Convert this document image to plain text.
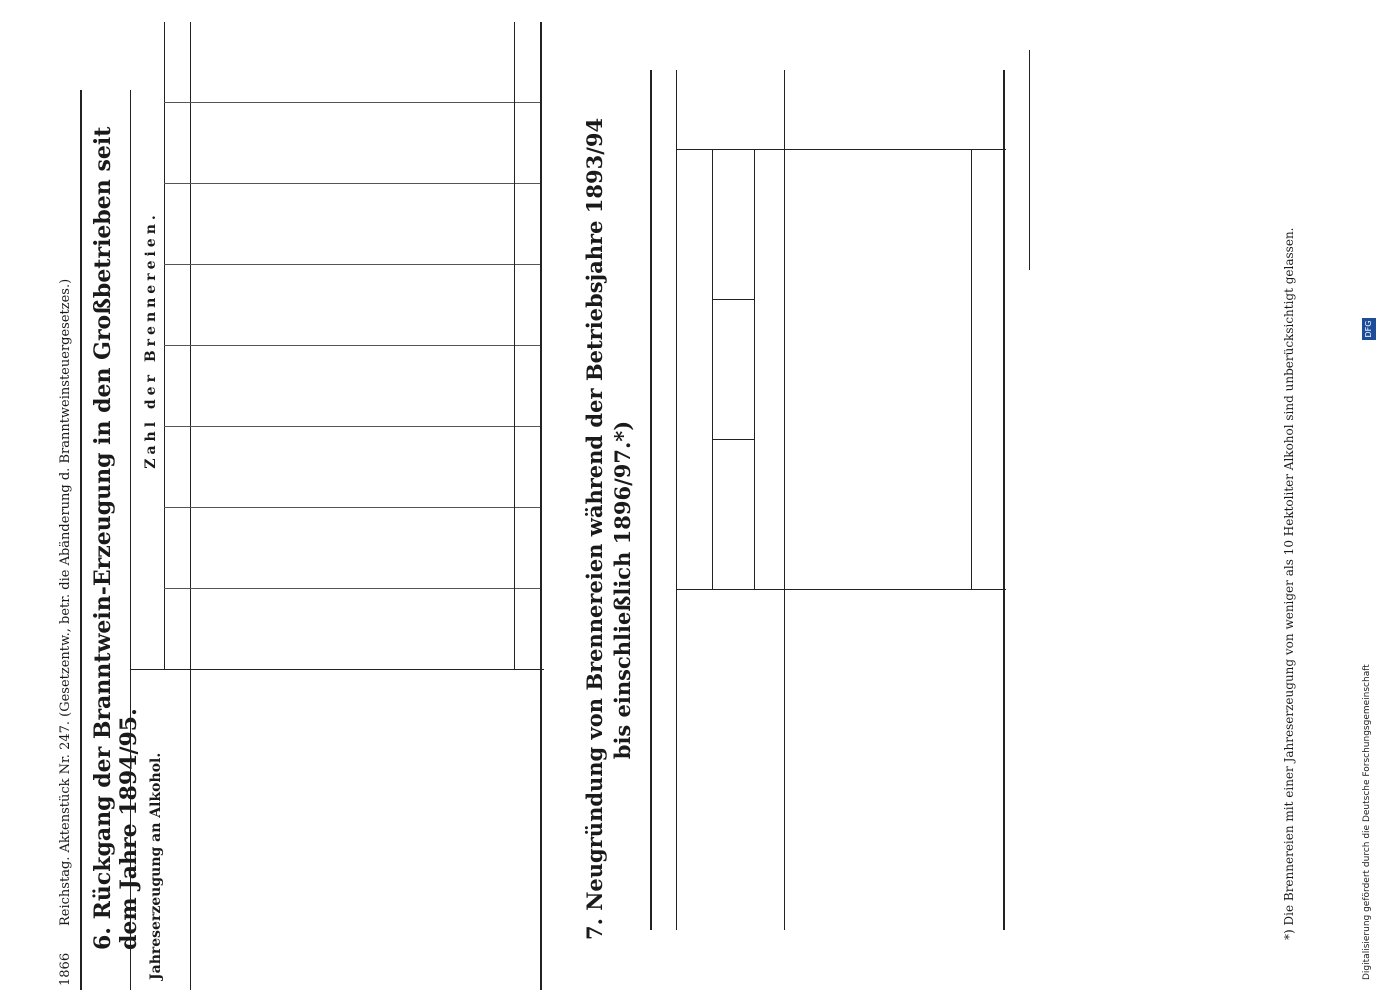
1866
Reichstag. Aktenstück Nr. 247. (Gesetzentw., betr. die Abänderung d. Branntweinsteuergesetzes.) 6. Rückgang der Branntwein-Erzeugung in den Großbetrieben seit dem Jahre 1894/95. Jahreserzeugung an Alkohol.
Zahl der Brennereien.	7. Neugründung von Brennereien während der Betriebsjahre 1893/94 bis einschließlich 1896/97.*)	*) Die Brennereien mit einer Jahreserzeugung von weniger als 10 Hektoliter Alkohol sind unberücksichtigt gelassen.	Digitalisierung gefördert durch die Deutsche Forschungsgemeinschaft
DFG
